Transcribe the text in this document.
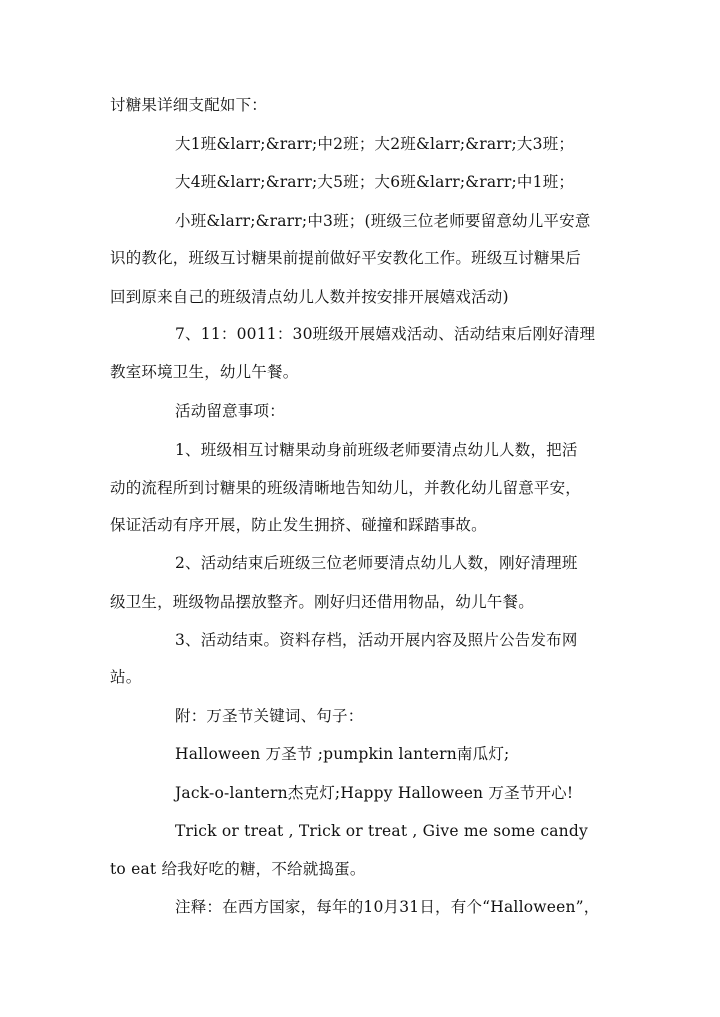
讨糖果详细支配如下：
大1班&larr;&rarr;中2班；大2班&larr;&rarr;大3班；
大4班&larr;&rarr;大5班；大6班&larr;&rarr;中1班；
小班&larr;&rarr;中3班；(班级三位老师要留意幼儿平安意
识的教化，班级互讨糖果前提前做好平安教化工作。班级互讨糖果后
回到原来自己的班级清点幼儿人数并按安排开展嬉戏活动)
7、11：0011：30班级开展嬉戏活动、活动结束后刚好清理
教室环境卫生，幼儿午餐。
活动留意事项：
1、班级相互讨糖果动身前班级老师要清点幼儿人数，把活
动的流程所到讨糖果的班级清晰地告知幼儿，并教化幼儿留意平安，
保证活动有序开展，防止发生拥挤、碰撞和踩踏事故。
2、活动结束后班级三位老师要清点幼儿人数，刚好清理班
级卫生，班级物品摆放整齐。刚好归还借用物品，幼儿午餐。
3、活动结束。资料存档，活动开展内容及照片公告发布网
站。
附：万圣节关键词、句子：
Halloween 万圣节 ;pumpkin lantern南瓜灯;
Jack-o-lantern杰克灯;Happy Halloween 万圣节开心!
Trick or treat , Trick or treat , Give me some candy
to eat 给我好吃的糖，不给就捣蛋。
注释：在西方国家，每年的10月31日，有个“Halloween”，
